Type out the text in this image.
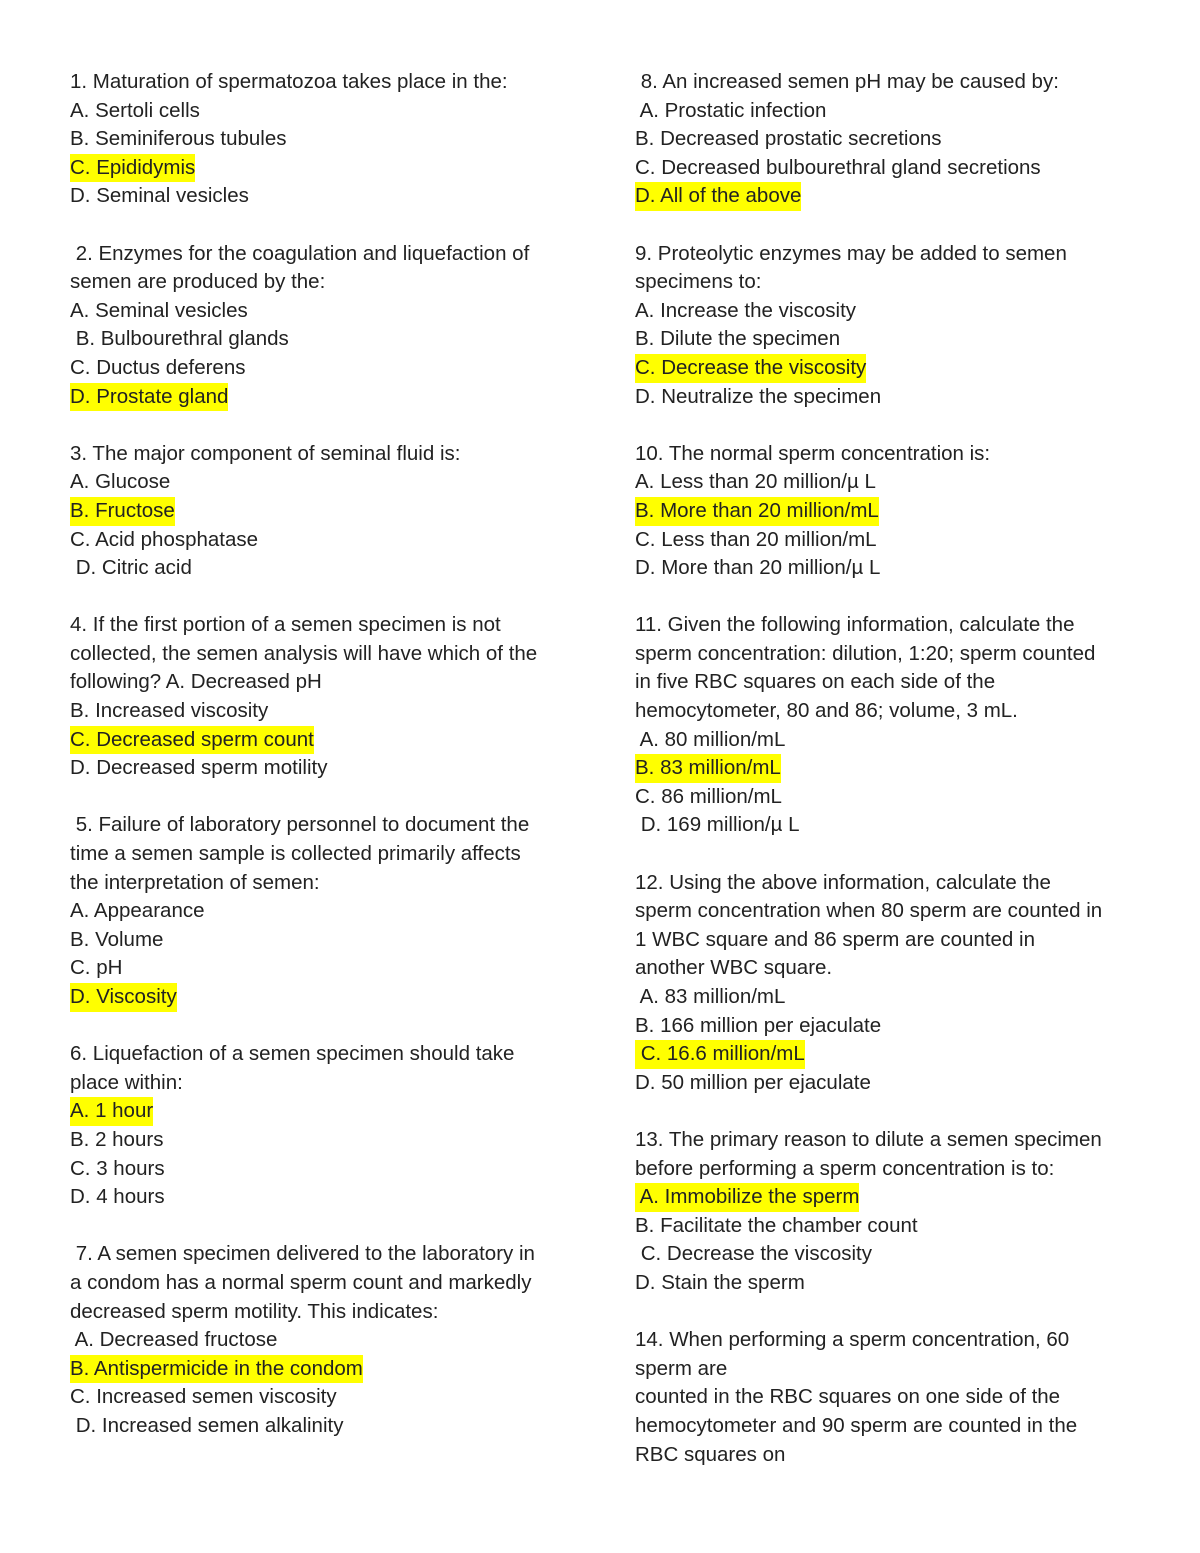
1. Maturation of spermatozoa takes place in the:
A. Sertoli cells
B. Seminiferous tubules
C. Epididymis
D. Seminal vesicles
2. Enzymes for the coagulation and liquefaction of
semen are produced by the:
A. Seminal vesicles
B. Bulbourethral glands
C. Ductus deferens
D. Prostate gland
3. The major component of seminal fluid is:
A. Glucose
B. Fructose
C. Acid phosphatase
D. Citric acid
4. If the first portion of a semen specimen is not
collected, the semen analysis will have which of the
following? A. Decreased pH
B. Increased viscosity
C. Decreased sperm count
D. Decreased sperm motility
5. Failure of laboratory personnel to document the
time a semen sample is collected primarily affects
the interpretation of semen:
A. Appearance
B. Volume
C. pH
D. Viscosity
6. Liquefaction of a semen specimen should take
place within:
A. 1 hour
B. 2 hours
C. 3 hours
D. 4 hours
7. A semen specimen delivered to the laboratory in
a condom has a normal sperm count and markedly
decreased sperm motility. This indicates:
A. Decreased fructose
B. Antispermicide in the condom
C. Increased semen viscosity
D. Increased semen alkalinity
8. An increased semen pH may be caused by:
A. Prostatic infection
B. Decreased prostatic secretions
C. Decreased bulbourethral gland secretions
D. All of the above
9. Proteolytic enzymes may be added to semen
specimens to:
A. Increase the viscosity
B. Dilute the specimen
C. Decrease the viscosity
D. Neutralize the specimen
10. The normal sperm concentration is:
A. Less than 20 million/µ L
B. More than 20 million/mL
C. Less than 20 million/mL
D. More than 20 million/µ L
11. Given the following information, calculate the
sperm concentration: dilution, 1:20; sperm counted
in five RBC squares on each side of the
hemocytometer, 80 and 86; volume, 3 mL.
A. 80 million/mL
B. 83 million/mL
C. 86 million/mL
D. 169 million/µ L
12. Using the above information, calculate the
sperm concentration when 80 sperm are counted in
1 WBC square and 86 sperm are counted in
another WBC square.
A. 83 million/mL
B. 166 million per ejaculate
C. 16.6 million/mL
D. 50 million per ejaculate
13. The primary reason to dilute a semen specimen
before performing a sperm concentration is to:
A. Immobilize the sperm
B. Facilitate the chamber count
C. Decrease the viscosity
D. Stain the sperm
14. When performing a sperm concentration, 60
sperm are
counted in the RBC squares on one side of the
hemocytometer and 90 sperm are counted in the
RBC squares on
